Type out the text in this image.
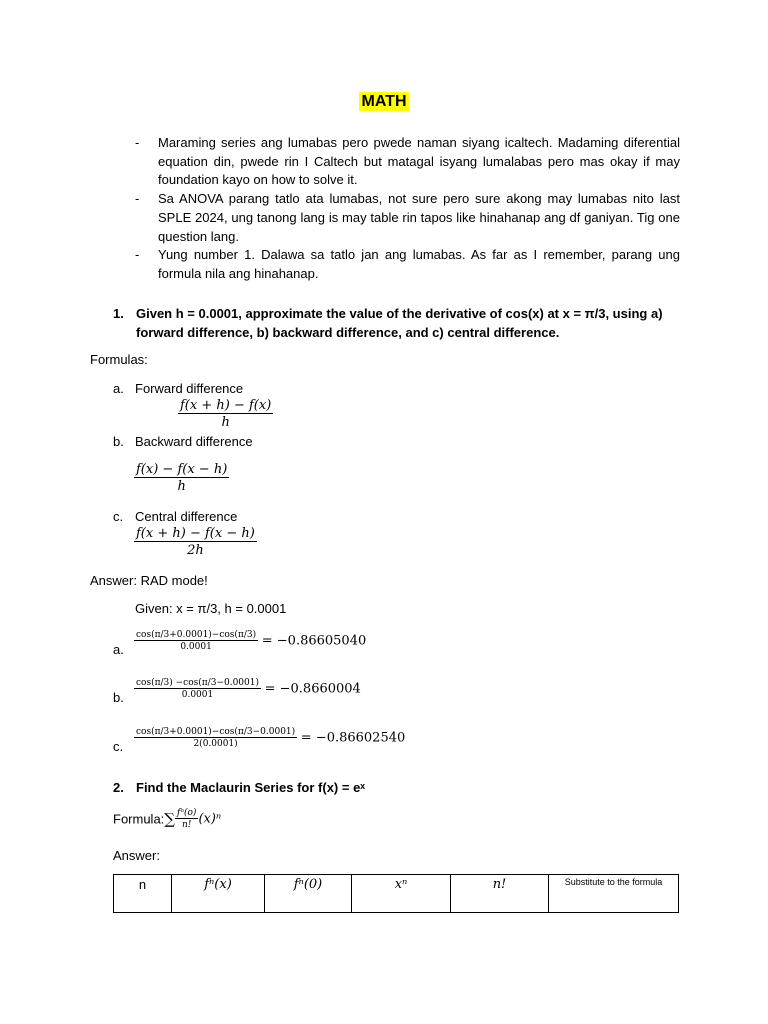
MATH
- Maraming series ang lumabas pero pwede naman siyang icaltech. Madaming diferential equation din, pwede rin I Caltech but matagal isyang lumalabas pero mas okay if may foundation kayo on how to solve it.
- Sa ANOVA parang tatlo ata lumabas, not sure pero sure akong may lumabas nito last SPLE 2024, ung tanong lang is may table rin tapos like hinahanap ang df ganiyan. Tig one question lang.
- Yung number 1. Dalawa sa tatlo jan ang lumabas. As far as I remember, parang ung formula nila ang hinahanap.
1. Given h = 0.0001, approximate the value of the derivative of cos(x) at x = π/3, using a) forward difference, b) backward difference, and c) central difference.
Formulas:
a. Forward difference
$\frac{f(x + h) - f(x)}{h}$
b. Backward difference
$\frac{f(x) - f(x - h)}{h}$
c. Central difference
$\frac{f(x + h) - f(x - h)}{2h}$
Answer: RAD mode!
Given: x = π/3, h = 0.0001
a. $\frac{\cos(\pi/3+0.0001)-\cos(\pi/3)}{0.0001} = -0.86605040$
b. $\frac{\cos(\pi/3) -\cos(\pi/3-0.0001)}{0.0001} = -0.8660004$
c. $\frac{\cos(\pi/3+0.0001)-\cos(\pi/3-0.0001)}{2(0.0001)} = -0.86602540$
2. Find the Maclaurin Series for f(x) = eˣ
Formula:∑ $\frac{\text{fⁿ(o)}}{n!} (x)^n$
Answer:
n	fⁿ(x)	fⁿ(0)	xⁿ	n!	Substitute to the formula
